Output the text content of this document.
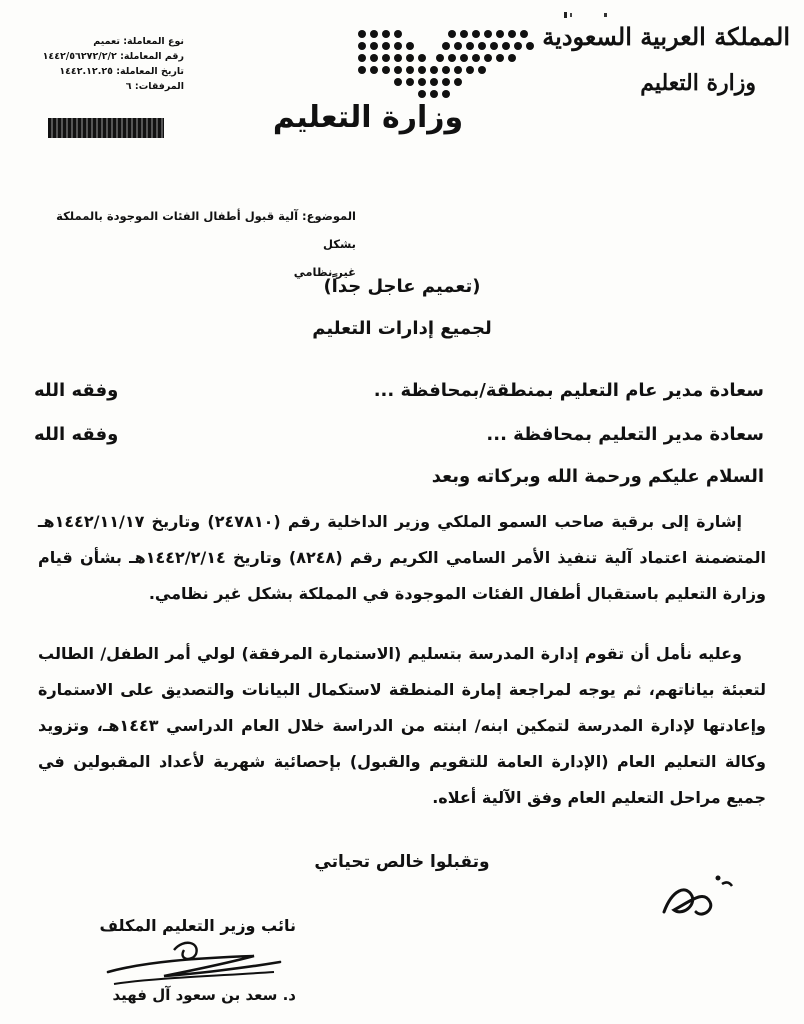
المملكة العربية السعودية
وزارة التعليم
وزارة التعليم
نوع المعاملة: تعميم
رقم المعاملة: ١٤٤٢/٥٦٢٧٢/٢/٢
تاريخ المعاملة: ١٤٤٢.١٢.٢٥
المرفقات: ٦
الموضوع: آلية قبول أطفال الفئات الموجودة بالمملكة بشكل
غير نظامي
(تعميم عاجل جداً)
لجميع إدارات التعليم
سعادة مدير عام التعليم بمنطقة/بمحافظة ...
وفقه الله
سعادة مدير التعليم بمحافظة ...
وفقه الله
السلام عليكم ورحمة الله وبركاته وبعد
إشارة إلى برقية صاحب السمو الملكي وزير الداخلية رقم (٢٤٧٨١٠) وتاريخ ١٤٤٢/١١/١٧هـ المتضمنة اعتماد آلية تنفيذ الأمر السامي الكريم رقم (٨٢٤٨) وتاريخ ١٤٤٢/٢/١٤هـ بشأن قيام وزارة التعليم باستقبال أطفال الفئات الموجودة في المملكة بشكل غير نظامي.
وعليه نأمل أن تقوم إدارة المدرسة بتسليم (الاستمارة المرفقة) لولي أمر الطفل/ الطالب لتعبئة بياناتهم، ثم يوجه لمراجعة إمارة المنطقة لاستكمال البيانات والتصديق على الاستمارة وإعادتها لإدارة المدرسة لتمكين ابنه/ ابنته من الدراسة خلال العام الدراسي ١٤٤٣هـ، وتزويد وكالة التعليم العام (الإدارة العامة للتقويم والقبول) بإحصائية شهرية لأعداد المقبولين في جميع مراحل التعليم العام وفق الآلية أعلاه.
وتقبلوا خالص تحياتي
نائب وزير التعليم المكلف
د. سعد بن سعود آل فهيد
